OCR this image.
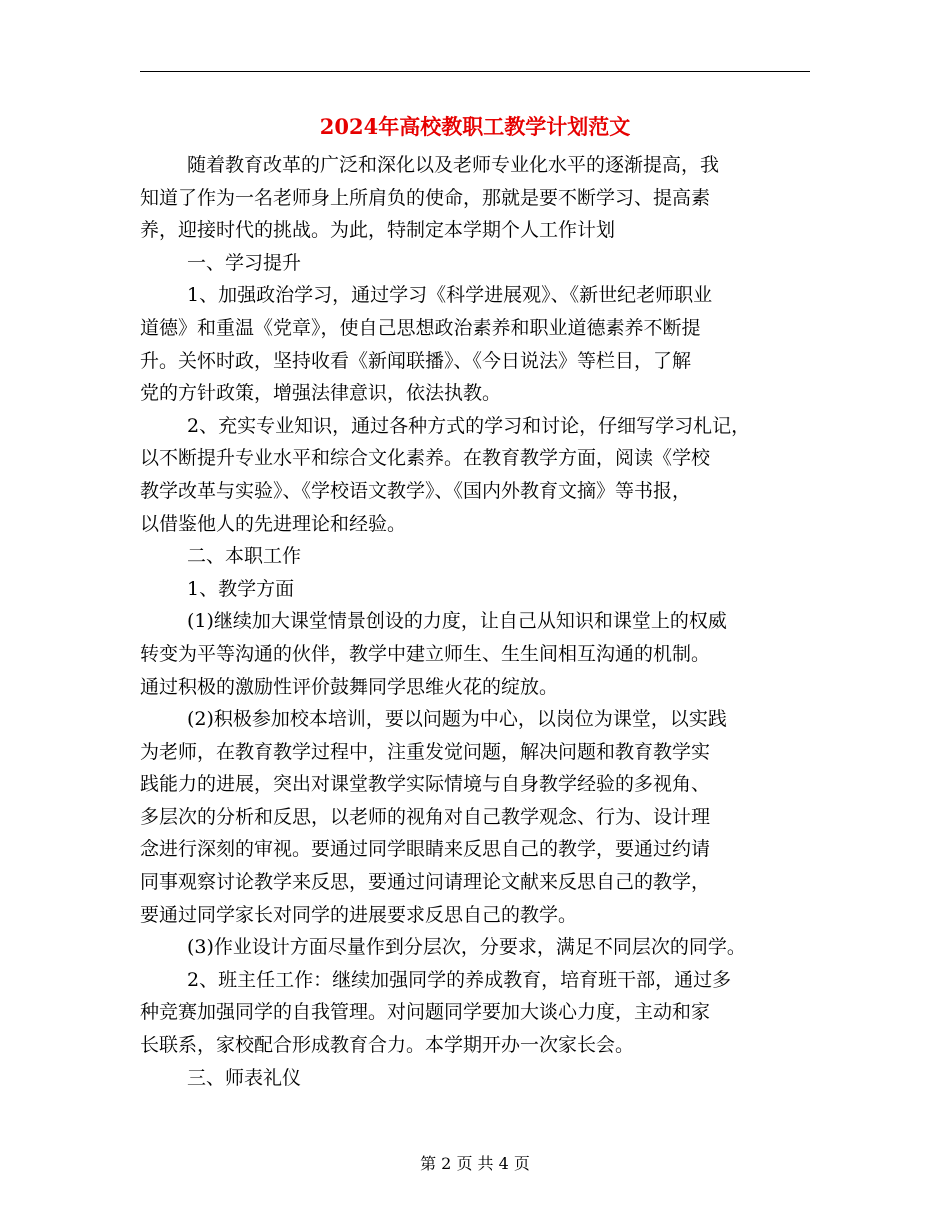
2024年高校教职工教学计划范文
随着教育改革的广泛和深化以及老师专业化水平的逐渐提高，我
知道了作为一名老师身上所肩负的使命，那就是要不断学习、提高素
养，迎接时代的挑战。为此，特制定本学期个人工作计划
一、学习提升
1、加强政治学习，通过学习《科学进展观》、《新世纪老师职业
道德》和重温《党章》，使自己思想政治素养和职业道德素养不断提
升。关怀时政，坚持收看《新闻联播》、《今日说法》等栏目，了解
党的方针政策，增强法律意识，依法执教。
2、充实专业知识，通过各种方式的学习和讨论，仔细写学习札记，
以不断提升专业水平和综合文化素养。在教育教学方面，阅读《学校
教学改革与实验》、《学校语文教学》、《国内外教育文摘》等书报，
以借鉴他人的先进理论和经验。
二、本职工作
1、教学方面
(1)继续加大课堂情景创设的力度，让自己从知识和课堂上的权威
转变为平等沟通的伙伴，教学中建立师生、生生间相互沟通的机制。
通过积极的激励性评价鼓舞同学思维火花的绽放。
(2)积极参加校本培训，要以问题为中心，以岗位为课堂，以实践
为老师，在教育教学过程中，注重发觉问题，解决问题和教育教学实
践能力的进展，突出对课堂教学实际情境与自身教学经验的多视角、
多层次的分析和反思，以老师的视角对自己教学观念、行为、设计理
念进行深刻的审视。要通过同学眼睛来反思自己的教学，要通过约请
同事观察讨论教学来反思，要通过问请理论文献来反思自己的教学，
要通过同学家长对同学的进展要求反思自己的教学。
(3)作业设计方面尽量作到分层次，分要求，满足不同层次的同学。
2、班主任工作：继续加强同学的养成教育，培育班干部，通过多
种竞赛加强同学的自我管理。对问题同学要加大谈心力度，主动和家
长联系，家校配合形成教育合力。本学期开办一次家长会。
三、师表礼仪
第 2 页 共 4 页
